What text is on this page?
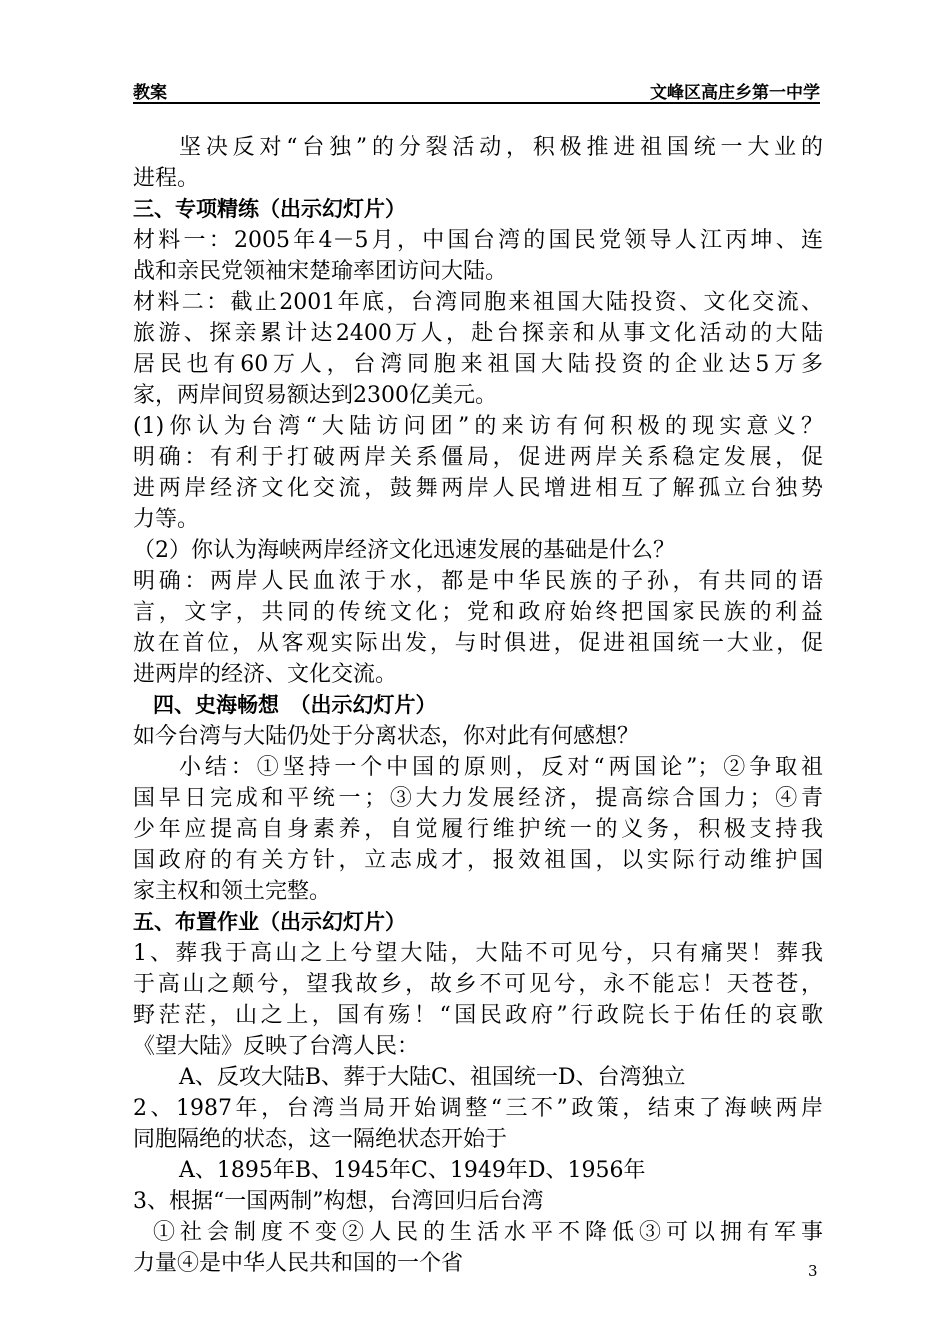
教案	文峰区高庄乡第一中学
坚决反对“台独”的分裂活动，积极推进祖国统一大业的
进程。
三、专项精练（出示幻灯片）
材料一：2005年4－5月，中国台湾的国民党领导人江丙坤、连
战和亲民党领袖宋楚瑜率团访问大陆。
材料二：截止2001年底，台湾同胞来祖国大陆投资、文化交流、
旅游、探亲累计达2400万人，赴台探亲和从事文化活动的大陆
居民也有60万人，台湾同胞来祖国大陆投资的企业达5万多
家，两岸间贸易额达到2300亿美元。
(1)你认为台湾“大陆访问团”的来访有何积极的现实意义？
明确：有利于打破两岸关系僵局，促进两岸关系稳定发展，促
进两岸经济文化交流，鼓舞两岸人民增进相互了解孤立台独势
力等。
（2）你认为海峡两岸经济文化迅速发展的基础是什么？
明确：两岸人民血浓于水，都是中华民族的子孙，有共同的语
言，文字，共同的传统文化；党和政府始终把国家民族的利益
放在首位，从客观实际出发，与时俱进，促进祖国统一大业，促
进两岸的经济、文化交流。
四、史海畅想　（出示幻灯片）
如今台湾与大陆仍处于分离状态，你对此有何感想？
小结：①坚持一个中国的原则，反对“两国论”；②争取祖
国早日完成和平统一；③大力发展经济，提高综合国力；④青
少年应提高自身素养，自觉履行维护统一的义务，积极支持我
国政府的有关方针，立志成才，报效祖国，以实际行动维护国
家主权和领土完整。
五、布置作业（出示幻灯片）
1、葬我于高山之上兮望大陆，大陆不可见兮，只有痛哭！葬我
于高山之颠兮，望我故乡，故乡不可见兮，永不能忘！天苍苍，
野茫茫，山之上，国有殇！“国民政府”行政院长于佑任的哀歌
《望大陆》反映了台湾人民：
A、反攻大陆B、葬于大陆C、祖国统一D、台湾独立
2、1987年，台湾当局开始调整“三不”政策，结束了海峡两岸
同胞隔绝的状态，这一隔绝状态开始于
A、1895年B、1945年C、1949年D、1956年
3、根据“一国两制”构想，台湾回归后台湾
①社会制度不变②人民的生活水平不降低③可以拥有军事
力量④是中华人民共和国的一个省	3
